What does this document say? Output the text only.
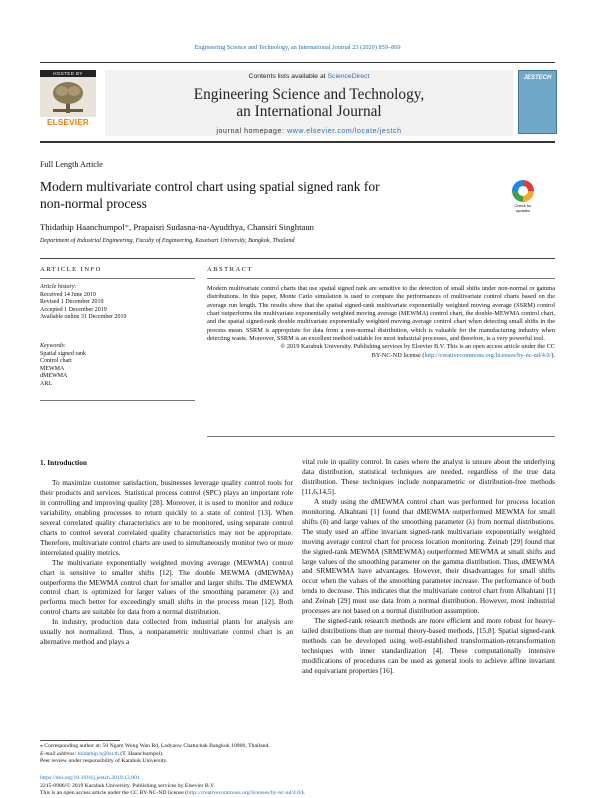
Engineering Science and Technology, an International Journal 23 (2020) 859–869
HOSTED BY
ELSEVIER
Contents lists available at ScienceDirect
Engineering Science and Technology,
an International Journal
journal homepage: www.elsevier.com/locate/jestch
JESTECH
Full Length Article
Modern multivariate control chart using spatial signed rank for
non-normal process	Check for updates
Thidathip Haanchumpol*, Prapaisri Sudasna-na-Ayudthya, Chansiri Singhtaun
Department of Industrial Engineering, Faculty of Engineering, Kasetsart University, Bangkok, Thailand
ARTICLE INFO	ABSTRACT
Article history:
Received 14 June 2019
Revised 1 December 2019
Accepted 1 December 2019
Available online 31 December 2019
Keywords:
Spatial signed rank
Control chart
MEWMA
dMEWMA
ARL
Modern multivariate control charts that use spatial signed rank are sensitive to the detection of small shifts under non-normal or gamma distributions. In this paper, Monte Carlo simulation is used to compare the performances of multivariate control charts based on the average run length. The results show that the spatial signed-rank multivariate exponentially weighted moving average (SSRM) control chart outperforms the multivariate exponentially weighted moving average (MEWMA) control chart, the double-MEWMA control chart, and the spatial signed-rank double multivariate exponentially weighted moving average control chart when detecting small shifts in the process mean. SSRM is appropriate for data from a non-normal distribution, which is valuable for the manufacturing industry when detecting waste. Moreover, SSRM is an excellent method suitable for most industrial processes, and therefore, is a very powerful tool.
© 2019 Karabuk University. Publishing services by Elsevier B.V. This is an open access article under the CC
BY-NC-ND license (http://creativecommons.org/licenses/by-nc-nd/4.0/).
1. Introduction

To maximize customer satisfaction, businesses leverage quality control tools for their products and services. Statistical process control (SPC) plays an important role in controlling and improving quality [28]. Moreover, it is used to monitor and reduce variability, enabling processes to return quickly to a state of control [13]. When several correlated quality characteristics are to be monitored, using separate control charts to control several correlated quality characteristics may not be appropriate. Therefore, multivariate control charts are used to simultaneously monitor two or more interrelated quality metrics.

The multivariate exponentially weighted moving average (MEWMA) control chart is sensitive to smaller shifts [12]. The double MEWMA (dMEWMA) outperforms the MEWMA control chart for smaller and larger shifts. The dMEWMA control chart is optimized for larger values of the smoothing parameter (λ) and performs much better for exceedingly small shifts in the process mean [12]. Both control charts are suitable for data from a normal distribution.

In industry, production data collected from industrial plants for analysis are usually not normalized. Thus, a nonparametric multivariate control chart is an alternative method and plays a

vital role in quality control. In cases where the analyst is unsure about the underlying data distribution, statistical techniques are needed, regardless of the true data distribution. These techniques include nonparametric or distribution-free methods [11,6,14,5].

A study using the dMEWMA control chart was performed for process location monitoring. Alkahtani [1] found that dMEWMA outperformed MEWMA for small shifts (δ) and large values of the smoothing parameter (λ) from normal distributions. The study used an affine invariant signed-rank multivariate exponentially weighted moving average control chart for process location monitoring. Zeinab [29] found that the signed-rank MEWMA (SRMEWMA) outperformed MEWMA at small shifts and large values of the smoothing parameter on the gamma distribution. Thus, dMEWMA and SRMEWMA have advantages. However, their disadvantages for small shifts occur when the values of the smoothing parameter increase. The performance of both tends to decrease. This indicates that the multivariate control chart from Alkahtani [1] and Zeinab [29] must use data from a normal distribution. However, most industrial processes are not based on a normal distribution assumption.

The signed-rank research methods are more efficient and more robust for heavy-tailed distributions than are normal theory-based methods, [15,8]. Spatial signed-rank methods can be developed using well-established transformation-retransformation techniques with inner standardization [4]. These computationally intensive modifications of procedures can be used as general tools to achieve affine invariant and equivariant properties [16].

⁎ Corresponding author at: 50 Ngam Wong Wan Rd, Ladyaow Chatuchak Bangkok 10900, Thailand.
E-mail address: thidathip.h@ku.th (T. Haanchumpol).
Peer review under responsibility of Karabuk University.
https://doi.org/10.1016/j.jestch.2019.12.001
2215-0986/© 2019 Karabuk University. Publishing services by Elsevier B.V.
This is an open access article under the CC BY-NC-ND license (http://creativecommons.org/licenses/by-nc-nd/4.0/).
